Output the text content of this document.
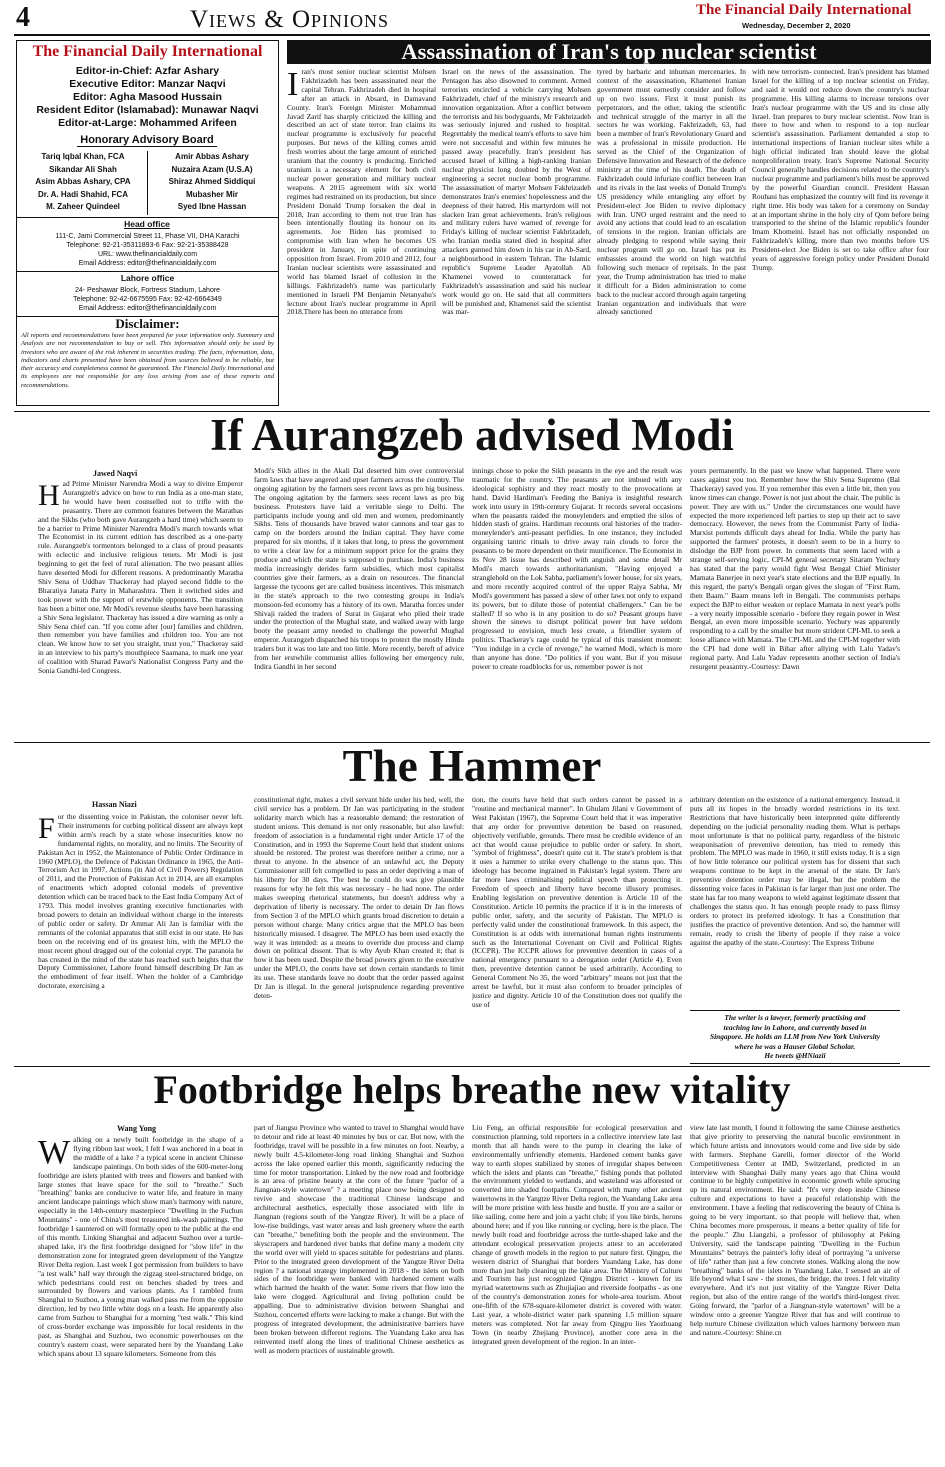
4	Views & Opinions	The Financial Daily International
Wednesday, December 2, 2020
The Financial Daily International
Editor-in-Chief: Azfar Ashary
Executive Editor: Manzar Naqvi
Editor: Agha Masood Hussain
Resident Editor (Islamabad): Munawar Naqvi
Editor-at-Large: Mohammed Arifeen
Honorary Advisory Board
Tariq Iqbal Khan, FCA
Sikandar Ali Shah
Asim Abbas Ashary, CPA
Dr. A. Hadi Shahid, FCA
M. Zaheer Quindeel
Amir Abbas Ashary
Nuzaira Azam (U.S.A)
Shiraz Ahmed Siddiqui
Mubasher Mir
Syed Ibne Hassan
Head office
111-C, Jami Commercial Street 11, Phase VII, DHA Karachi
Telephone: 92-21-35311893-6 Fax: 92-21-35388428
URL: www.thefinancialdaily.com
Email Address: editor@thefinancialdaily.com
Lahore office
24- Peshawar Block, Fortress Stadium, Lahore
Telephone: 92-42-6675595 Fax: 92-42-6664349
Email Address: editor@thefinancialdaily.com
Disclaimer:
All reports and recommendations have been prepared for your information only. Summary and Analysis are not recommendation to buy or sell. This information should only be used by investors who are aware of the risk inherent in securities trading. The facts, information, data, indicators and charts presented have been obtained from sources believed to be reliable, but their accuracy and completeness cannot be guaranteed. The Financial Daily International and its employees are not responsible for any loss arising from use of these reports and recommendations.
Assassination of Iran's top nuclear scientist
Iran's most senior nuclear scientist Mohsen Fakhrizadeh has been assassinated near the capital Tehran. Fakhrizadeh died in hospital after an attack in Absard, in Damavand County. Iran's Foreign Minister Mohammad Javad Zarif has sharply criticized the killing and described an act of state terror. Iran claims its nuclear programme is exclusively for peaceful purposes. But news of the killing comes amid fresh worries about the large amount of enriched uranium that the country is producing. Enriched uranium is a necessary element for both civil nuclear power generation and military nuclear weapons. A 2015 agreement with six world regimes had restrained on its production, but since President Donald Trump forsaken the deal in 2018, Iran according to them not true Iran has been intentionally flouting its honour on its agreements. Joe Biden has promised to compromise with Iran when he becomes US president in January, in spite of continuing opposition from Israel. From 2010 and 2012, four Iranian nuclear scientists were assassinated and world has blamed Israel of collusion in the killings. Fakhrizadeh's name was particularly mentioned in Israeli PM Benjamin Netanyahu's lecture about Iran's nuclear programme in April 2018.There has been no utterance from
Israel on the news of the assassination. The Pentagon has also disowned to comment. Armed terrorists encircled a vehicle carrying Mohsen Fakhrizadeh, chief of the ministry's research and innovation organization. After a conflict between the terrorists and his bodyguards, Mr Fakhrizadeh was seriously injured and rushed to hospital. Regrettably the medical team's efforts to save him were not successful and within few minutes he passed away peacefully. Iran's president has accused Israel of killing a high-ranking Iranian nuclear physicist long doubted by the West of engineering a secret nuclear bomb programme. The assassination of martyr Mohsen Fakhrizadeh demonstrates Iran's enemies' hopelessness and the deepness of their hatred. His martyrdom will not slacken Iran great achievements. Iran's religious and military rulers have warned of revenge for Friday's killing of nuclear scientist Fakhrizadeh, who Iranian media stated died in hospital after attackers gunned him down in his car in Ab-Sard, a neighbourhood in eastern Tehran. The Islamic republic's Supreme Leader Ayatollah Ali Khamenei vowed to counterattack for Fakhrizadeh's assassination and said his nuclear work would go on. He said that all committers will be punished and, Khamenei said the scientist was mar-
tyred by barbaric and inhuman mercenaries. In context of the assassination, Khamenei Iranian government must earnestly consider and follow up on two issues. First it must punish its perpetrators, and the other, taking the scientific and technical struggle of the martyr in all the sectors he was working. Fakhrizadeh, 63, had been a member of Iran's Revolutionary Guard and was a professional in missile production. He served as the Chief of the Organization of Defensive Innovation and Research of the defence ministry at the time of his death. The death of Fakhrizadeh could infuriate conflict between Iran and its rivals in the last weeks of Donald Trump's US presidency while entangling any effort by President-elect Joe Biden to revive diplomacy with Iran. UNO urged restraint and the need to avoid any actions that could lead to an escalation of tensions in the region. Iranian officials are already pledging to respond while saying their nuclear program will go on. Israel has put its embassies around the world on high watchful following such menace of reprisals. In the past year, the Trump administration has tried to make it difficult for a Biden administration to come back to the nuclear accord through again targeting Iranian organization and individuals that were already sanctioned
with new terrorism- connected. Iran's president has blamed Israel for the killing of a top nuclear scientist on Friday, and said it would not reduce down the country's nuclear programme. His killing alarms to increase tensions over Iran's nuclear programme with the US and its close ally Israel. Iran prepares to bury nuclear scientist. Now Iran is there to how and when to respond to a top nuclear scientist's assassination. Parliament demanded a stop to international inspections of Iranian nuclear sites while a high official indicated Iran should leave the global nonproliferation treaty. Iran's Supreme National Security Council generally handles decisions related to the country's nuclear programme and parliament's bills must be approved by the powerful Guardian council. President Hassan Rouhani has emphasized the country will find its revenge it right time. His body was taken for a ceremony on Sunday at an important shrine in the holy city of Qom before being transported to the shrine of the Islamic republic's founder Imam Khomeini. Israel has not officially responded on Fakhrizadeh's killing, more than two months before US President-elect Joe Biden is set to take office after four years of aggressive foreign policy under President Donald Trump.
If Aurangzeb advised Modi
Jawed Naqvi
Had Prime Minister Narendra Modi a way to divine Emperor Aurangzeb's advice on how to run India as a one-man state, he would have been counselled not to trifle with the peasantry. There are common features between the Marathas and the Sikhs (who both gave Aurangzeb a hard time) which seem to be a barrier to Prime Minister Narendra Modi's march towards what The Economist in its current edition has described as a one-party rule. Aurangzeb's tormentors belonged to a class of proud peasants with eclectic and inclusive religious tenets. Mr Modi is just beginning to get the feel of rural alienation. The two peasant allies have deserted Modi for different reasons. A predominantly Maratha Shiv Sena of Uddhav Thackeray had played second fiddle to the Bharatiya Janata Party in Maharashtra. Then it switched sides and took power with the support of erstwhile opponents. The transition has been a bitter one. Mr Modi's revenue sleuths have been harassing a Shiv Sena legislator. Thackeray has issued a dire warning as only a Shiv Sena chief can. "If you come after [our] families and children, then remember you have families and children too. You are not clean. We know how to set you straight, trust you," Thackeray said in an interview to his party's mouthpiece Saamana, to mark one year of coalition with Sharad Pawar's Nationalist Congress Party and the Sonia Gandhi-led Congress.
Modi's Sikh allies in the Akali Dal deserted him over controversial farm laws that have angered and upset farmers across the country. The ongoing agitation by the farmers sees recent laws as pro big business. The ongoing agitation by the farmers sees recent laws as pro big business. Protesters have laid a veritable siege to Delhi. The participants include young and old men and women, predominantly Sikhs. Tens of thousands have braved water cannons and tear gas to camp on the borders around the Indian capital. They have come prepared for six months, if it takes that long, to press the government to write a clear law for a minimum support price for the grains they produce and which the state is supposed to purchase. India's business media increasingly derides farm subsidies, which most capitalist countries give their farmers, as a drain on resources. The financial largesse the tycoons get are called business incentives. This mismatch in the state's approach to the two contesting groups in India's monsoon-fed economy has a history of its own. Maratha forces under Shivaji raided the traders of Surat in Gujarat who plied their trade under the protection of the Mughal state, and walked away with large booty the peasant army needed to challenge the powerful Mughal emperor. Aurangzeb dispatched his troops to protect the mostly Hindu traders but it was too late and too little. More recently, bereft of advice from her erstwhile communist allies following her emergency rule, Indira Gandhi in her second
innings chose to poke the Sikh peasants in the eye and the result was traumatic for the country. The peasants are not imbued with any ideological sophistry and they react mostly to the provocations at hand. David Hardiman's Feeding the Baniya is insightful research work into usury in 19th-century Gujarat. It records several occasions when the peasants raided the moneylenders and emptied the silos of hidden stash of grains. Hardiman recounts oral histories of the trader-moneylender's anti-peasant perfidies. In one instance, they included organising tantric rituals to drive away rain clouds to force the peasants to be more dependent on their munificence. The Economist in its Nov 28 issue has described with anguish and some detail Mr Modi's march towards authoritarianism. "Having enjoyed a stranglehold on the Lok Sabha, parliament's lower house, for six years, and more recently acquired control of the upper Rajya Sabha, Mr Modi's government has passed a slew of other laws not only to expand its powers, but to dilute those of potential challengers." Can he be stalled? If so who is in any position to do so? Peasant groups have shown the sinews to disrupt political power but have seldom progressed to envision, much less create, a friendlier system of politics. Thackeray's rage could be typical of this transient moment: "You indulge in a cycle of revenge," he warned Modi, which is more than anyone has done. "Do politics if you want. But if you misuse power to create roadblocks for us, remember power is not
yours permanently. In the past we know what happened. There were cases against you too. Remember how the Shiv Sena Supremo (Bal Thackeray) saved you. If you remember this even a little bit, then you know times can change. Power is not just about the chair. The public is power. They are with us." Under the circumstances one would have expected the more experienced left parties to step up their act to save democracy. However, the news from the Communist Party of India-Marxist portends difficult days ahead for India. While the party has supported the farmers' protests, it doesn't seem to be in a hurry to dislodge the BJP from power. In comments that seem laced with a strange self-serving logic, CPI-M general secretary Sitaram Yechury has stated that the party would fight West Bengal Chief Minister Mamata Banerjee in next year's state elections and the BJP equally. In this regard, the party's Bengali organ gives the slogan of "First Ram, then Baam." Baam means left in Bengali. The communists perhaps expect the BJP to either weaken or replace Mamata in next year's polls - a very nearly impossible scenario - before they regain power in West Bengal, an even more impossible scenario. Yechury was apparently responding to a call by the smaller but more strident CPI-ML to seek a loose alliance with Mamata. The CPI-ML and the CPI-M together with the CPI had done well in Bihar after allying with Lalu Yadav's regional party. And Lalu Yadav represents another section of India's resurgent peasantry.-Courtesy: Dawn
The Hammer
Hassan Niazi
For the dissenting voice in Pakistan, the coloniser never left. Their instruments for curbing political dissent are always kept within arm's reach by a state whose insecurities know no fundamental rights, no morality, and no limits. The Security of Pakistan Act in 1952, the Maintenance of Public Order Ordinance in 1960 (MPLO), the Defence of Pakistan Ordinance in 1965, the Anti-Terrorism Act in 1997, Actions (in Aid of Civil Powers) Regulation of 2011, and the Protection of Pakistan Act in 2014, are all examples of enactments which adopted colonial models of preventive detention which can be traced back to the East India Company Act of 1793. This model involves granting executive functionaries with broad powers to detain an individual without charge in the interests of public order or safety. Dr Ammar Ali Jan is familiar with the remnants of the colonial apparatus that still exist in our state. He has been on the receiving end of its greatest hits, with the MPLO the most recent ghoul dragged out of the colonial crypt. The paranoia he has created in the mind of the state has reached such heights that the Deputy Commissioner, Lahore found himself describing Dr Jan as the embodiment of fear itself. When the holder of a Cambridge doctorate, exercising a
constitutional right, makes a civil servant hide under his bed, well, the civil service has a problem. Dr Jan was participating in the student solidarity march which has a reasonable demand: the restoration of student unions. This demand is not only reasonable, but also lawful: freedom of association is a fundamental right under Article 17 of the Constitution, and in 1993 the Supreme Court held that student unions should be restored. The protest was therefore neither a crime, nor a threat to anyone. In the absence of an unlawful act, the Deputy Commissioner still felt compelled to pass an order depriving a man of his liberty for 30 days. The best he could do was give plausible reasons for why he felt this was necessary - he had none. The order makes sweeping rhetorical statements, but doesn't address why a deprivation of liberty is necessary. The order to detain Dr Jan flows from Section 3 of the MPLO which grants broad discretion to detain a person without charge. Many critics argue that the MPLO has been historically misused. I disagree. The MPLO has been used exactly the way it was intended: as a means to override due process and clamp down on political dissent. That is why Ayub Khan created it; that is how it has been used. Despite the broad powers given to the executive under the MPLO, the courts have set down certain standards to limit its use. These standards leave no doubt that the order passed against Dr Jan is illegal. In the general jurisprudence regarding preventive deten-
tion, the courts have held that such orders cannot be passed in a "routine and mechanical manner". In Ghulam Jilani v Government of West Pakistan (1967), the Supreme Court held that it was imperative that any order for preventive detention be based on reasoned, objectively verifiable, grounds. There must be credible evidence of an act that would cause prejudice to public order or safety. In short, "symbol of frightness", doesn't quite cut it. The state's problem is that it uses a hammer to strike every challenge to the status quo. This ideology has become ingrained in Pakistan's legal system. There are far more laws criminalising political speech than protecting it. Freedom of speech and liberty have become illusory promises. Enabling legislation on preventive detention is Article 10 of the Constitution. Article 10 permits the practice if it is in the interests of public order, safety, and the security of Pakistan. The MPLO is perfectly valid under the constitutional framework. In this aspect, the Constitution is at odds with international human rights instruments such as the International Covenant on Civil and Political Rights (ICCPR). The ICCPR allows for preventive detention in cases of a national emergency pursuant to a derogation order (Article 4). Even then, preventive detention cannot be used arbitrarily. According to General Comment No 35, the word "arbitrary" means not just that the arrest be lawful, but it must also conform to broader principles of justice and dignity. Article 10 of the Constitution does not qualify the use of
arbitrary detention on the existence of a national emergency. Instead, it puts all its hopes in the broadly worded restrictions in its text. Restrictions that have historically been interpreted quite differently depending on the judicial personality reading them. What is perhaps most unfortunate is that no political party, regardless of the historic weaponisation of preventive detention, has tried to remedy this problem. The MPLO was made in 1960, it still exists today. It is a sign of how little tolerance our political system has for dissent that such weapons continue to be kept in the arsenal of the state. Dr Jan's preventive detention order may be illegal, but the problem the dissenting voice faces in Pakistan is far larger than just one order. The state has far too many weapons to wield against legitimate dissent that challenges the status quo. It has enough people ready to pass flimsy orders to protect its preferred ideology. It has a Constitution that justifies the practice of preventive detention. And so, the hammer will remain, ready to crush the liberty of people if they raise a voice against the apathy of the state.-Courtesy: The Express Tribune
The writer is a lawyer, formerly practising and
teaching law in Lahore, and currently based in
Singapore. He holds an LLM from New York University
where he was a Hauser Global Scholar.
He tweets @HNiazii
Footbridge helps breathe new vitality
Wang Yong
Walking on a newly built footbridge in the shape of a flying ribbon last week, I felt I was anchored in a boat in the middle of a lake ? a typical scene in ancient Chinese landscape paintings. On both sides of the 600-meter-long footbridge are islets planted with trees and flowers and banked with large stones that leave space for the soil to "breathe." Such "breathing" banks are conducive to water life, and feature in many ancient landscape paintings which show man's harmony with nature, especially in the 14th-century masterpiece "Dwelling in the Fuchun Mountains" - one of China's most treasured ink-wash paintings. The footbridge I sauntered on will formally open to the public at the end of this month. Linking Shanghai and adjacent Suzhou over a turtle-shaped lake, it's the first footbridge designed for "slow life" in the demonstration zone for integrated green development of the Yangtze River Delta region. Last week I got permission from builders to have "a test walk" half way through the zigzag steel-structured bridge, on which pedestrians could rest on benches shaded by trees and surrounded by flowers and various plants. As I rambled from Shanghai to Suzhou, a young man walked pass me from the opposite direction, led by two little white dogs on a leash. He apparently also came from Suzhou to Shanghai for a morning "test walk." This kind of cross-border exchange was impossible for local residents in the past, as Shanghai and Suzhou, two economic powerhouses on the country's eastern coast, were separated here by the Yuandang Lake which spans about 13 square kilometers. Someone from this
part of Jiangsu Province who wanted to travel to Shanghai would have to detour and ride at least 40 minutes by bus or car. But now, with the footbridge, travel will be possible in a few minutes on foot. Nearby, a newly built 4.5-kilometer-long road linking Shanghai and Suzhou across the lake opened earlier this month, significantly reducing the time for motor transportation. Linked by the new road and footbridge is an area of pristine beauty at the core of the future "parlor of a Jiangnan-style watertown" ? a meeting place now being designed to revive and showcase the traditional Chinese landscape and architectural aesthetics, especially those associated with life in Jiangnan (regions south of the Yangtze River). It will be a place of low-rise buildings, vast water areas and lush greenery where the earth can "breathe," benefiting both the people and the environment. The skyscrapers and hardened river banks that define many a modern city the world over will yield to spaces suitable for pedestrians and plants. Prior to the integrated green development of the Yangtze River Delta region ? a national strategy implemented in 2018 - the islets on both sides of the footbridge were banked with hardened cement walls which harmed the health of the water. Some rivers that flow into the lake were clogged. Agricultural and living pollution could be appalling. Due to administrative division between Shanghai and Suzhou, concerted efforts were lacking to make a change. But with the progress of integrated development, the administrative barriers have been broken between different regions. The Yuandang Lake area has reinvented itself along the lines of traditional Chinese aesthetics as well as modern practices of sustainable growth.
Liu Feng, an official responsible for ecological preservation and construction planning, told reporters in a collective interview late last month that all hands were to the pump in clearing the lake of environmentally unfriendly elements. Hardened cement banks gave way to earth slopes stabilized by stones of irregular shapes between which the islets and plants can "breathe," fishing ponds that polluted the environment yielded to wetlands, and wasteland was afforested or converted into shaded footpaths. Compared with many other ancient watertowns in the Yangtze River Delta region, the Yuandang Lake area will be more pristine with less hustle and bustle. If you are a sailor or like sailing, come here and join a yacht club; if you like birds, herons abound here; and if you like running or cycling, here is the place. The newly built road and footbridge across the turtle-shaped lake and the attendant ecological preservation projects attest to an accelerated change of growth models in the region to put nature first. Qingpu, the western district of Shanghai that borders Yuandang Lake, has done more than just help cleaning up the lake area. The Ministry of Culture and Tourism has just recognized Qingpu District - known for its myriad watertowns such as Zhujiajiao and riverside footpaths - as one of the country's demonstration zones for whole-area tourism. About one-fifth of the 678-square-kilometer district is covered with water. Last year, a whole-district water park spanning 1.5 million square meters was completed. Not far away from Qingpu lies Yaozhuang Town (in nearby Zhejiang Province), another core area in the integrated green development of the region. In an inter-
view late last month, I found it following the same Chinese aesthetics that give priority to preserving the natural bucolic environment in which future artists and innovators would come and live side by side with farmers. Stephane Garelli, former director of the World Competitiveness Center at IMD, Switzerland, predicted in an interview with Shanghai Daily many years ago that China would continue to be highly competitive in economic growth while sprucing up its natural environment. He said: "It's very deep inside Chinese culture and expectations to have a peaceful relationship with the environment. I have a feeling that rediscovering the beauty of China is going to be very important, so that people will believe that, when China becomes more prosperous, it means a better quality of life for the people." Zhu Liangzhi, a professor of philosophy at Peking University, said the landscape painting "Dwelling in the Fuchun Mountains" betrays the painter's lofty ideal of portraying "a universe of life" rather than just a few concrete stones. Walking along the now "breathing" banks of the islets in Yuandang Lake, I sensed an air of life beyond what I saw - the stones, the bridge, the trees. I felt vitality everywhere. And it's not just vitality of the Yangtze River Delta region, but also of the entire range of the world's third-longest river. Going forward, the "parlor of a Jiangnan-style watertown" will be a window onto a greener Yangtze River that has and will continue to help nurture Chinese civilization which values harmony between man and nature.-Courtesy: Shine.cn
